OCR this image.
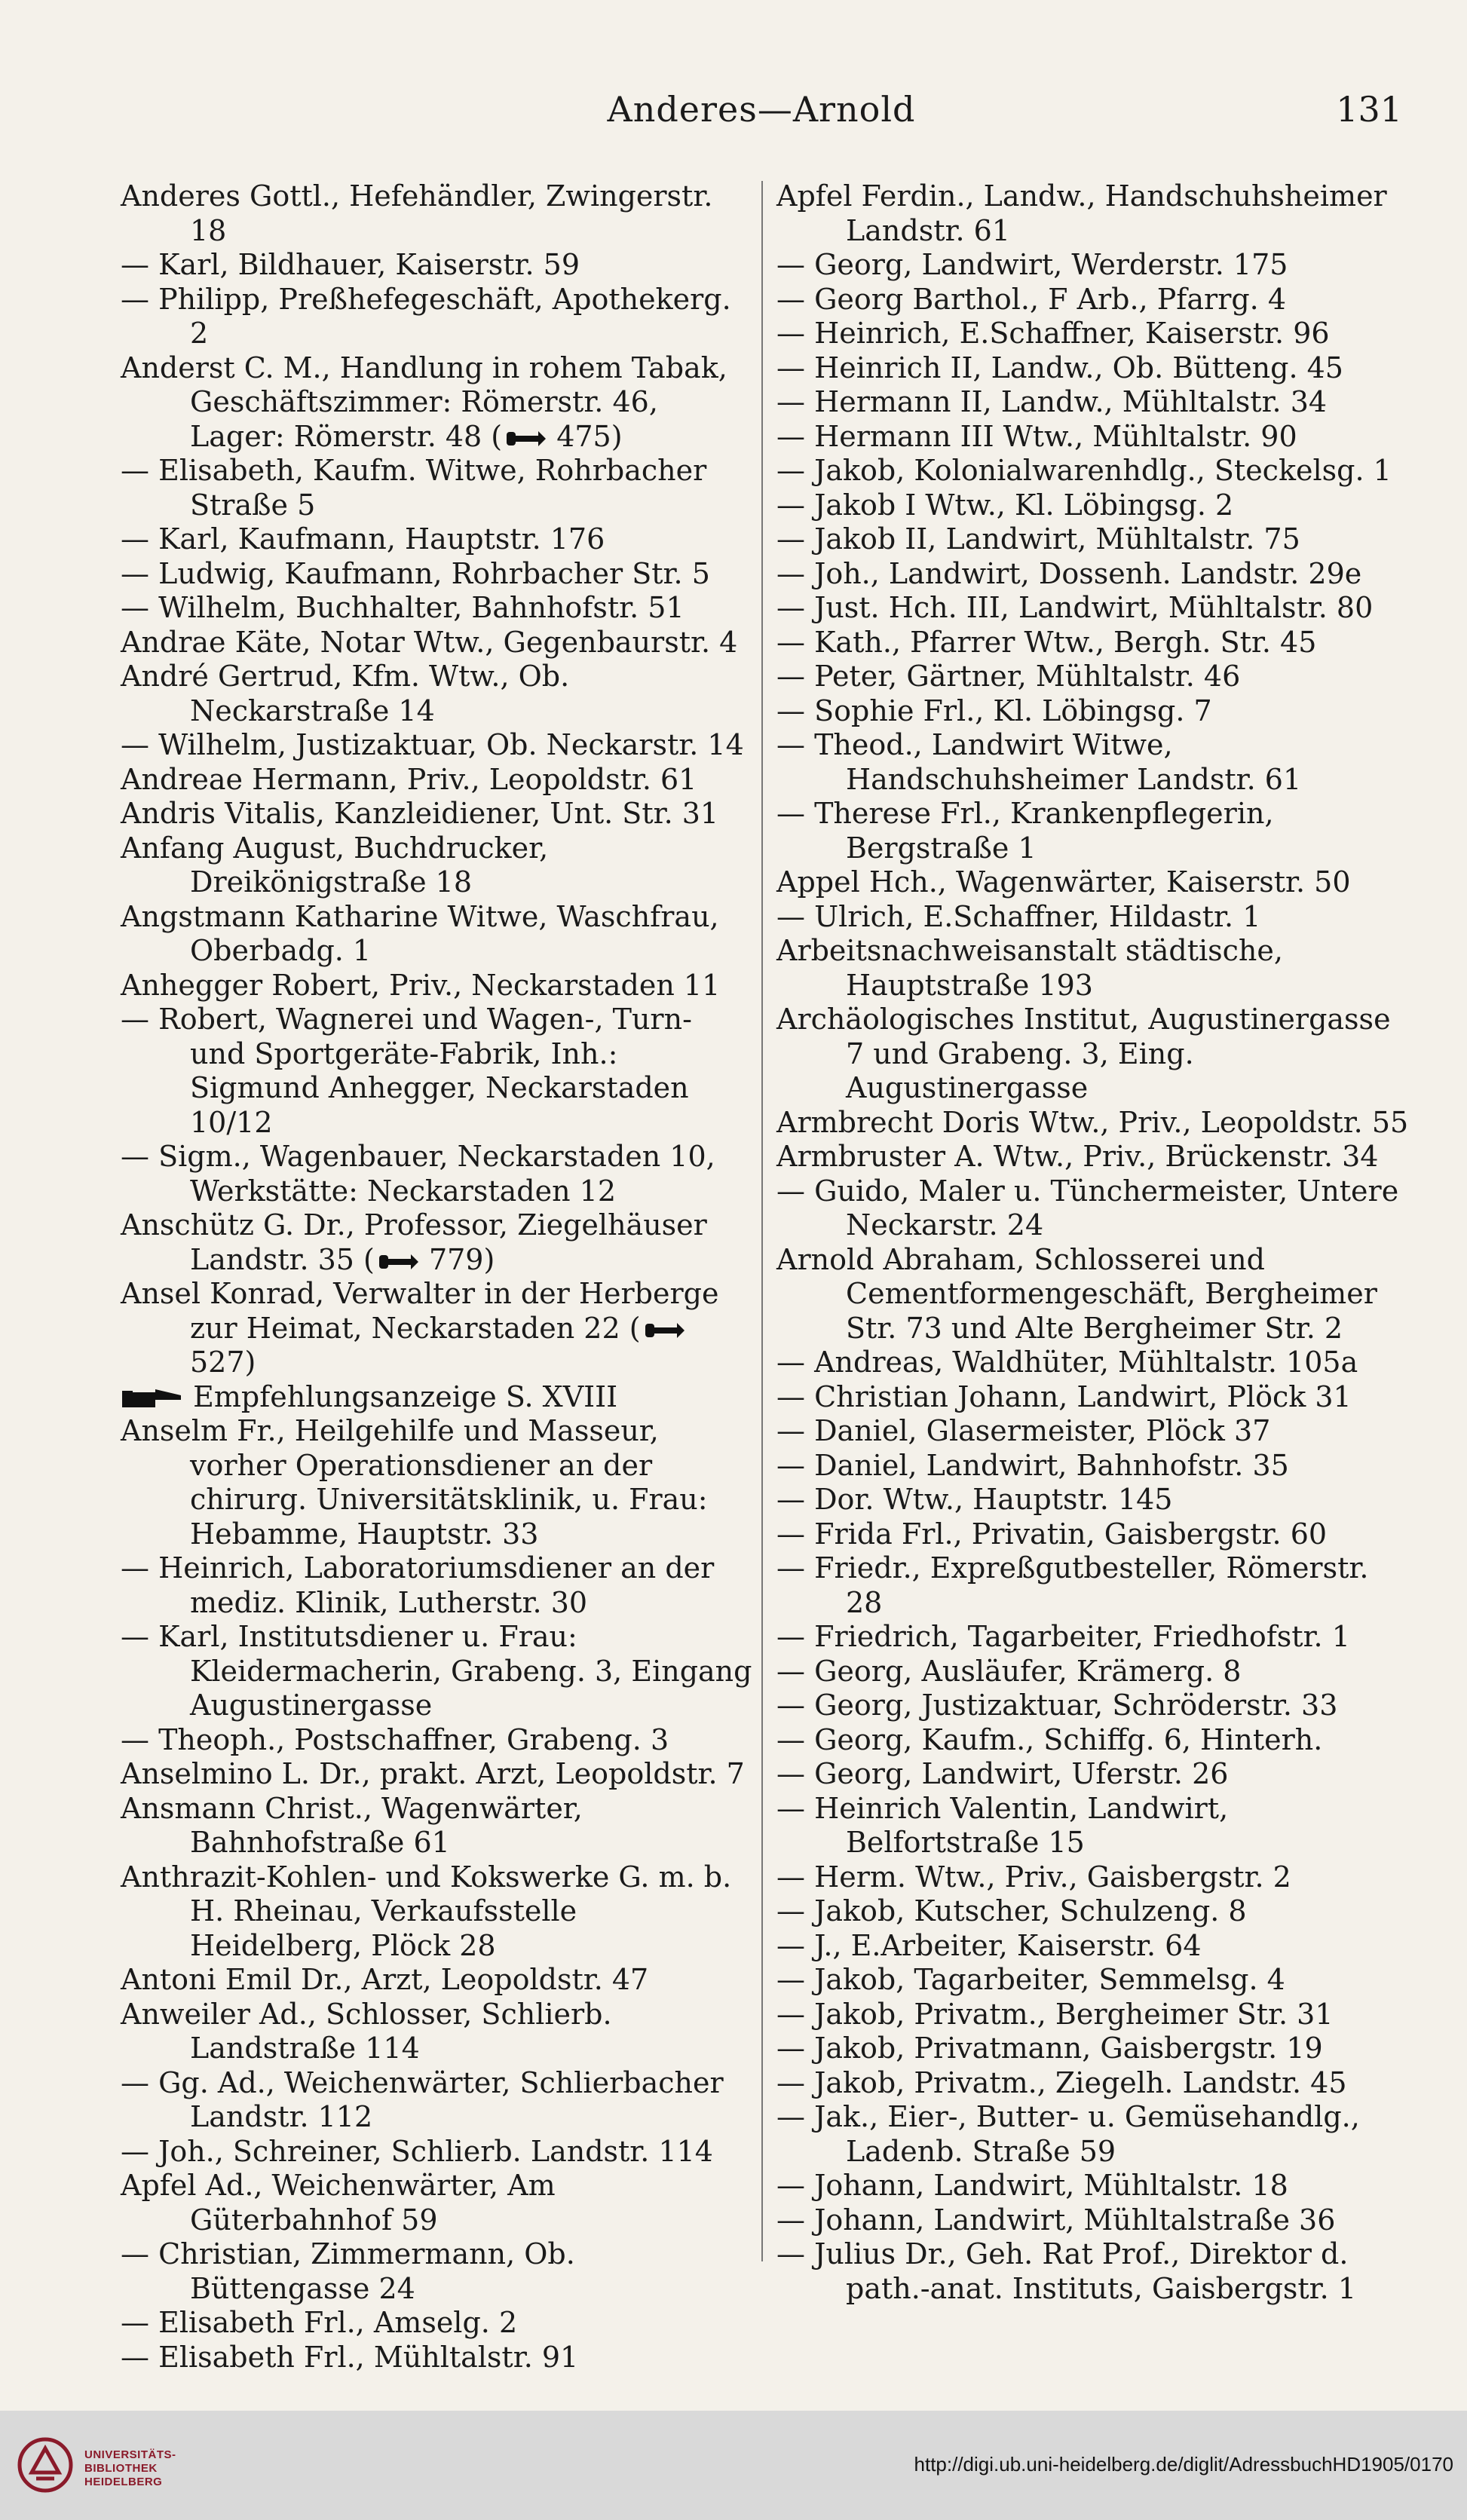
Anderes—Arnold	131

Anderes Gottl., Hefehändler, Zwingerstr. 18

— Karl, Bildhauer, Kaiserstr. 59

— Philipp, Preßhefegeschäft, Apothekerg. 2

Anderst C. M., Handlung in rohem Tabak, Geschäftszimmer: Römerstr. 46, Lager: Römerstr. 48 ( 475)

— Elisabeth, Kaufm. Witwe, Rohrbacher Straße 5

— Karl, Kaufmann, Hauptstr. 176

— Ludwig, Kaufmann, Rohrbacher Str. 5

— Wilhelm, Buchhalter, Bahnhofstr. 51

Andrae Käte, Notar Wtw., Gegenbaurstr. 4

André Gertrud, Kfm. Wtw., Ob. Neckarstraße 14

— Wilhelm, Justizaktuar, Ob. Neckarstr. 14

Andreae Hermann, Priv., Leopoldstr. 61

Andris Vitalis, Kanzleidiener, Unt. Str. 31

Anfang August, Buchdrucker, Dreikönigstraße 18

Angstmann Katharine Witwe, Waschfrau, Oberbadg. 1

Anhegger Robert, Priv., Neckarstaden 11

— Robert, Wagnerei und Wagen-, Turn- und Sportgeräte-Fabrik, Inh.: Sigmund Anhegger, Neckarstaden 10/12

— Sigm., Wagenbauer, Neckarstaden 10, Werkstätte: Neckarstaden 12

Anschütz G. Dr., Professor, Ziegelhäuser Landstr. 35 ( 779)

Ansel Konrad, Verwalter in der Herberge zur Heimat, Neckarstaden 22 ( 527)

Empfehlungsanzeige S. XVIII

Anselm Fr., Heilgehilfe und Masseur, vorher Operationsdiener an der chirurg. Universitätsklinik, u. Frau: Hebamme, Hauptstr. 33

— Heinrich, Laboratoriumsdiener an der mediz. Klinik, Lutherstr. 30

— Karl, Institutsdiener u. Frau: Kleidermacherin, Grabeng. 3, Eingang Augustinergasse

— Theoph., Postschaffner, Grabeng. 3

Anselmino L. Dr., prakt. Arzt, Leopoldstr. 7

Ansmann Christ., Wagenwärter, Bahnhofstraße 61

Anthrazit-Kohlen- und Kokswerke G. m. b. H. Rheinau, Verkaufsstelle Heidelberg, Plöck 28

Antoni Emil Dr., Arzt, Leopoldstr. 47

Anweiler Ad., Schlosser, Schlierb. Landstraße 114

— Gg. Ad., Weichenwärter, Schlierbacher Landstr. 112

— Joh., Schreiner, Schlierb. Landstr. 114

Apfel Ad., Weichenwärter, Am Güterbahnhof 59

— Christian, Zimmermann, Ob. Büttengasse 24

— Elisabeth Frl., Amselg. 2

— Elisabeth Frl., Mühltalstr. 91

Apfel Ferdin., Landw., Handschuhsheimer Landstr. 61

— Georg, Landwirt, Werderstr. 175

— Georg Barthol., F Arb., Pfarrg. 4

— Heinrich, E.Schaffner, Kaiserstr. 96

— Heinrich II, Landw., Ob. Bütteng. 45

— Hermann II, Landw., Mühltalstr. 34

— Hermann III Wtw., Mühltalstr. 90

— Jakob, Kolonialwarenhdlg., Steckelsg. 1

— Jakob I Wtw., Kl. Löbingsg. 2

— Jakob II, Landwirt, Mühltalstr. 75

— Joh., Landwirt, Dossenh. Landstr. 29e

— Just. Hch. III, Landwirt, Mühltalstr. 80

— Kath., Pfarrer Wtw., Bergh. Str. 45

— Peter, Gärtner, Mühltalstr. 46

— Sophie Frl., Kl. Löbingsg. 7

— Theod., Landwirt Witwe, Handschuhsheimer Landstr. 61

— Therese Frl., Krankenpflegerin, Bergstraße 1

Appel Hch., Wagenwärter, Kaiserstr. 50

— Ulrich, E.Schaffner, Hildastr. 1

Arbeitsnachweisanstalt städtische, Hauptstraße 193

Archäologisches Institut, Augustinergasse 7 und Grabeng. 3, Eing. Augustinergasse

Armbrecht Doris Wtw., Priv., Leopoldstr. 55

Armbruster A. Wtw., Priv., Brückenstr. 34

— Guido, Maler u. Tünchermeister, Untere Neckarstr. 24

Arnold Abraham, Schlosserei und Cementformengeschäft, Bergheimer Str. 73 und Alte Bergheimer Str. 2

— Andreas, Waldhüter, Mühltalstr. 105a

— Christian Johann, Landwirt, Plöck 31

— Daniel, Glasermeister, Plöck 37

— Daniel, Landwirt, Bahnhofstr. 35

— Dor. Wtw., Hauptstr. 145

— Frida Frl., Privatin, Gaisbergstr. 60

— Friedr., Expreßgutbesteller, Römerstr. 28

— Friedrich, Tagarbeiter, Friedhofstr. 1

— Georg, Ausläufer, Krämerg. 8

— Georg, Justizaktuar, Schröderstr. 33

— Georg, Kaufm., Schiffg. 6, Hinterh.

— Georg, Landwirt, Uferstr. 26

— Heinrich Valentin, Landwirt, Belfortstraße 15

— Herm. Wtw., Priv., Gaisbergstr. 2

— Jakob, Kutscher, Schulzeng. 8

— J., E.Arbeiter, Kaiserstr. 64

— Jakob, Tagarbeiter, Semmelsg. 4

— Jakob, Privatm., Bergheimer Str. 31

— Jakob, Privatmann, Gaisbergstr. 19

— Jakob, Privatm., Ziegelh. Landstr. 45

— Jak., Eier-, Butter- u. Gemüsehandlg., Ladenb. Straße 59

— Johann, Landwirt, Mühltalstr. 18

— Johann, Landwirt, Mühltalstraße 36

— Julius Dr., Geh. Rat Prof., Direktor d. path.-anat. Instituts, Gaisbergstr. 1

UNIVERSITÄTS-
BIBLIOTHEK
HEIDELBERG
http://digi.ub.uni-heidelberg.de/diglit/AdressbuchHD1905/0170
